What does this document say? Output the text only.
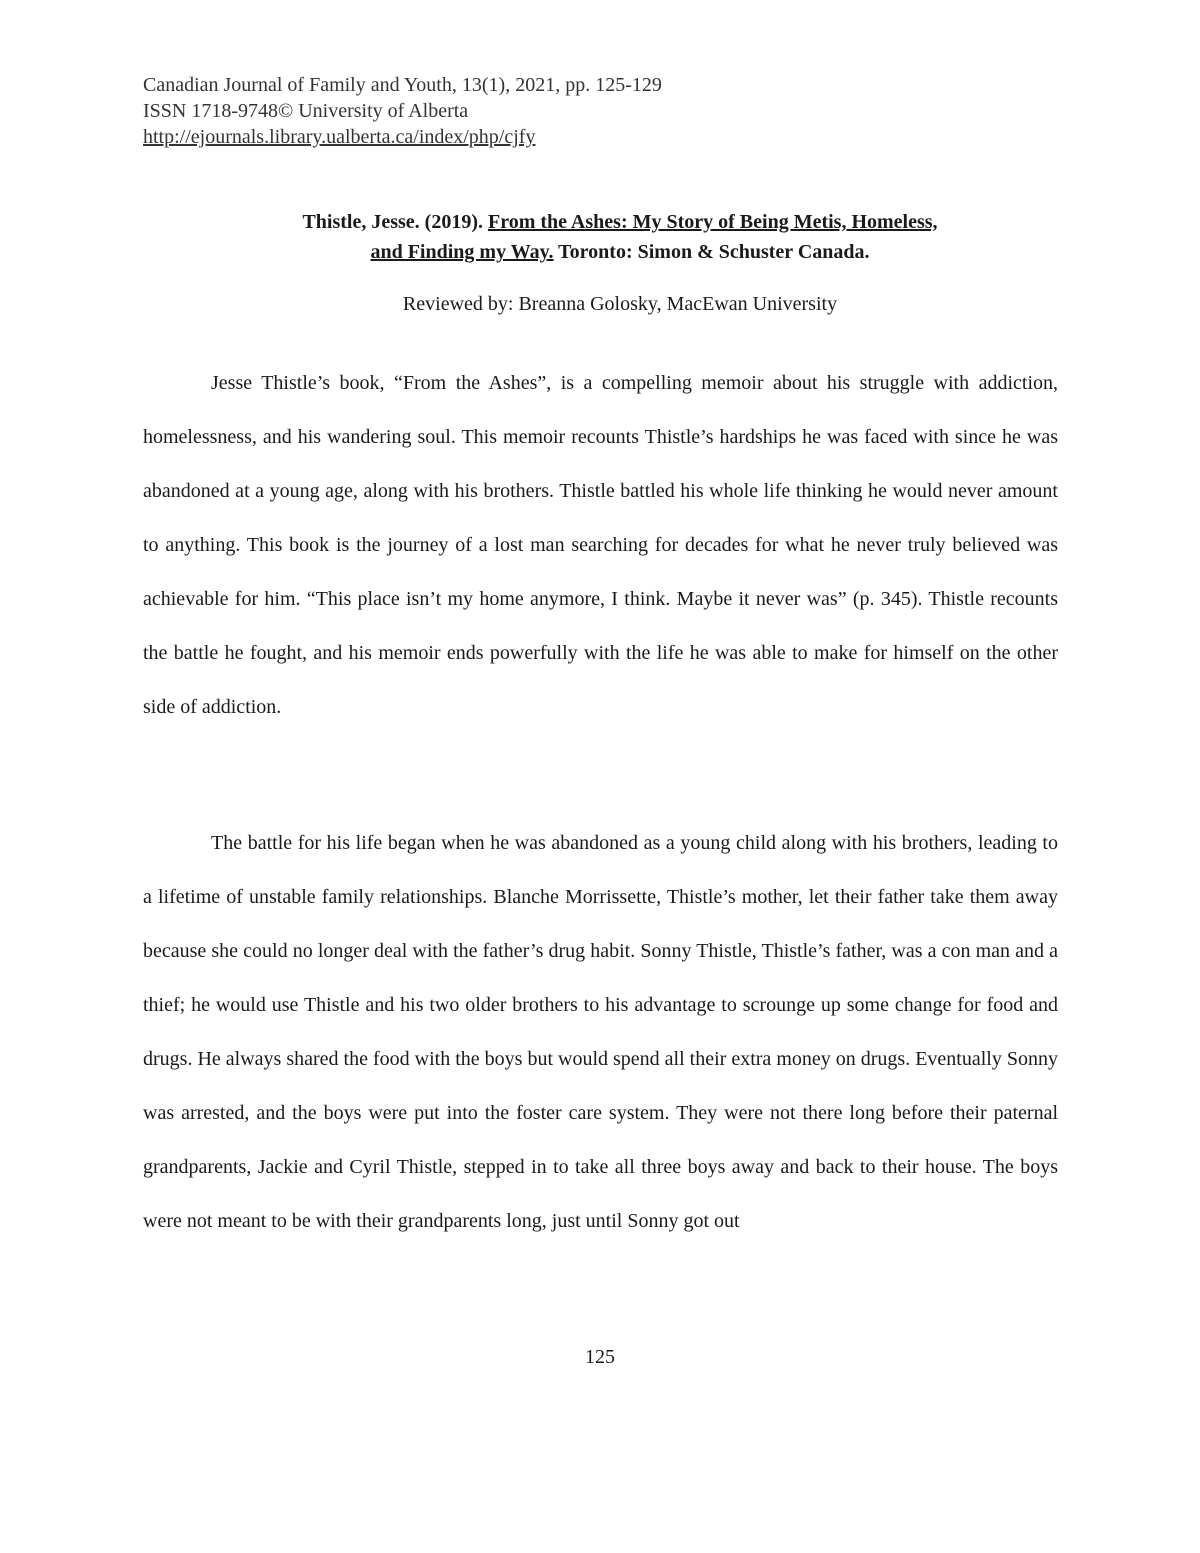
Canadian Journal of Family and Youth, 13(1), 2021, pp. 125-129
ISSN 1718-9748© University of Alberta
http://ejournals.library.ualberta.ca/index/php/cjfy
Thistle, Jesse. (2019). From the Ashes: My Story of Being Metis, Homeless,
and Finding my Way. Toronto: Simon & Schuster Canada.
Reviewed by: Breanna Golosky, MacEwan University

Jesse Thistle’s book, “From the Ashes”, is a compelling memoir about his struggle with addiction, homelessness, and his wandering soul. This memoir recounts Thistle’s hardships he was faced with since he was abandoned at a young age, along with his brothers. Thistle battled his whole life thinking he would never amount to anything. This book is the journey of a lost man searching for decades for what he never truly believed was achievable for him. “This place isn’t my home anymore, I think. Maybe it never was” (p. 345). Thistle recounts the battle he fought, and his memoir ends powerfully with the life he was able to make for himself on the other side of addiction.

The battle for his life began when he was abandoned as a young child along with his brothers, leading to a lifetime of unstable family relationships. Blanche Morrissette, Thistle’s mother, let their father take them away because she could no longer deal with the father’s drug habit. Sonny Thistle, Thistle’s father, was a con man and a thief; he would use Thistle and his two older brothers to his advantage to scrounge up some change for food and drugs. He always shared the food with the boys but would spend all their extra money on drugs. Eventually Sonny was arrested, and the boys were put into the foster care system. They were not there long before their paternal grandparents, Jackie and Cyril Thistle, stepped in to take all three boys away and back to their house. The boys were not meant to be with their grandparents long, just until Sonny got out

125
